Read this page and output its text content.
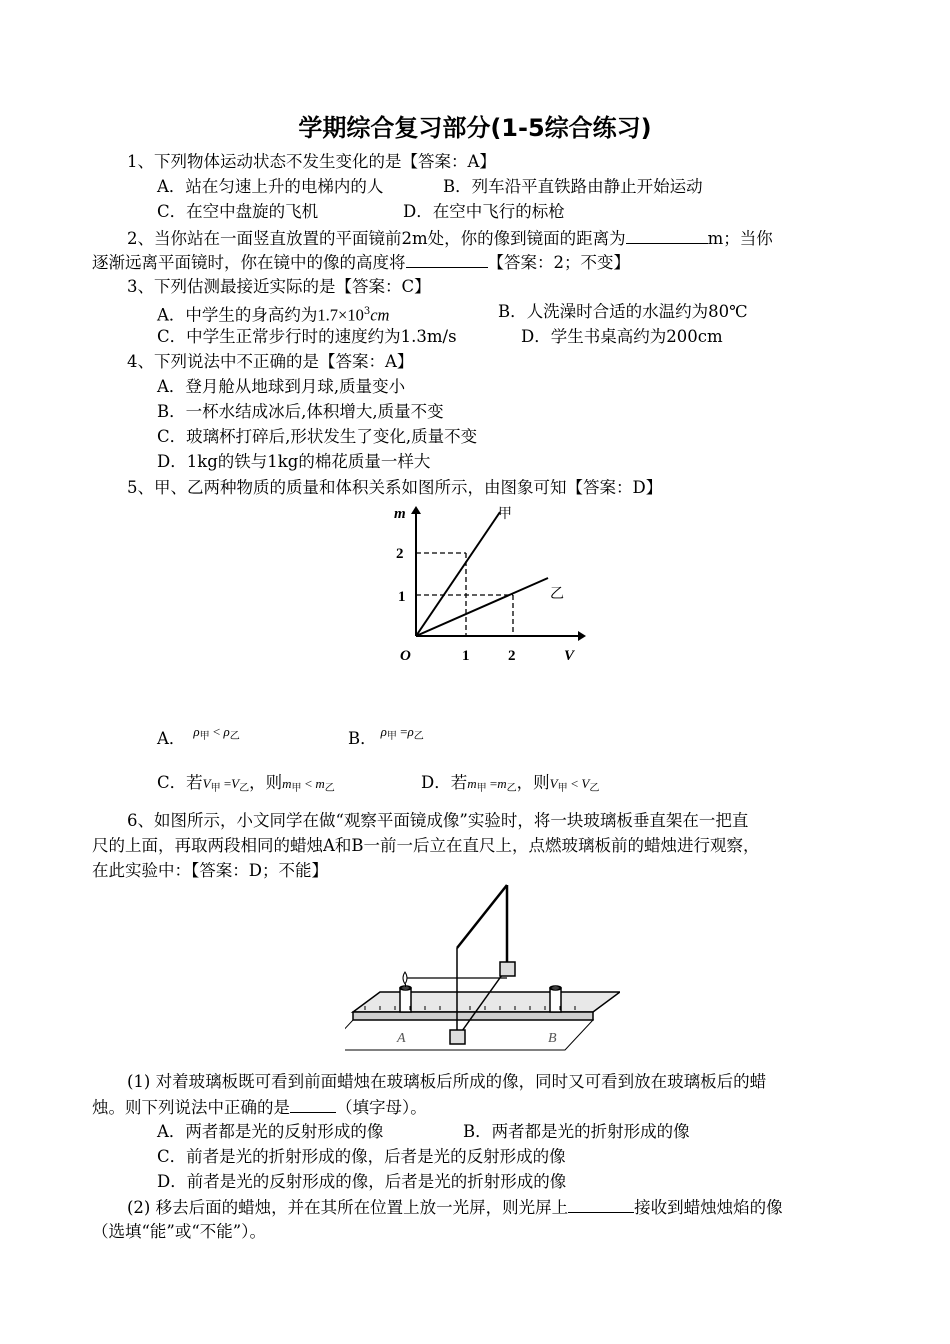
学期综合复习部分(1-5综合练习)
1、下列物体运动状态不发生变化的是【答案：A】
A．站在匀速上升的电梯内的人	B．列车沿平直铁路由静止开始运动
C．在空中盘旋的飞机	D．在空中飞行的标枪
2、当你站在一面竖直放置的平面镜前2m处，你的像到镜面的距离为	m；当你
逐渐远离平面镜时，你在镜中的像的高度将	【答案：2；不变】
3、下列估测最接近实际的是【答案：C】
A．中学生的身高约为$1.7\times 10^3cm$	B．人洗澡时合适的水温约为80℃
C．中学生正常步行时的速度约为1.3m/s	D．学生书桌高约为200cm
4、下列说法中不正确的是【答案：A】
A．登月舱从地球到月球,质量变小
B．一杯水结成冰后,体积增大,质量不变
C．玻璃杯打碎后,形状发生了变化,质量不变
D．1kg的铁与1kg的棉花质量一样大
5、甲、乙两种物质的质量和体积关系如图所示，由图象可知【答案：D】
m
V
O
2
1
1	2
甲
乙
A． $^{\rho_甲 < \rho_乙}$	B． $^{\rho_甲 =\rho_乙}$
C．若$V_甲 =V_乙$，则$m_甲 < m_乙$	D．若$m_甲 =m_乙$，则$V_甲 < V_乙$
6、如图所示，小文同学在做“观察平面镜成像”实验时，将一块玻璃板垂直架在一把直
尺的上面，再取两段相同的蜡烛A和B一前一后立在直尺上，点燃玻璃板前的蜡烛进行观察，
在此实验中：【答案：D；不能】
A	B
(1) 对着玻璃板既可看到前面蜡烛在玻璃板后所成的像，同时又可看到放在玻璃板后的蜡
烛。则下列说法中正确的是	（填字母）。
A．两者都是光的反射形成的像	B．两者都是光的折射形成的像
C．前者是光的折射形成的像，后者是光的反射形成的像
D．前者是光的反射形成的像，后者是光的折射形成的像
(2) 移去后面的蜡烛，并在其所在位置上放一光屏，则光屏上	接收到蜡烛烛焰的像
（选填“能”或“不能”）。
